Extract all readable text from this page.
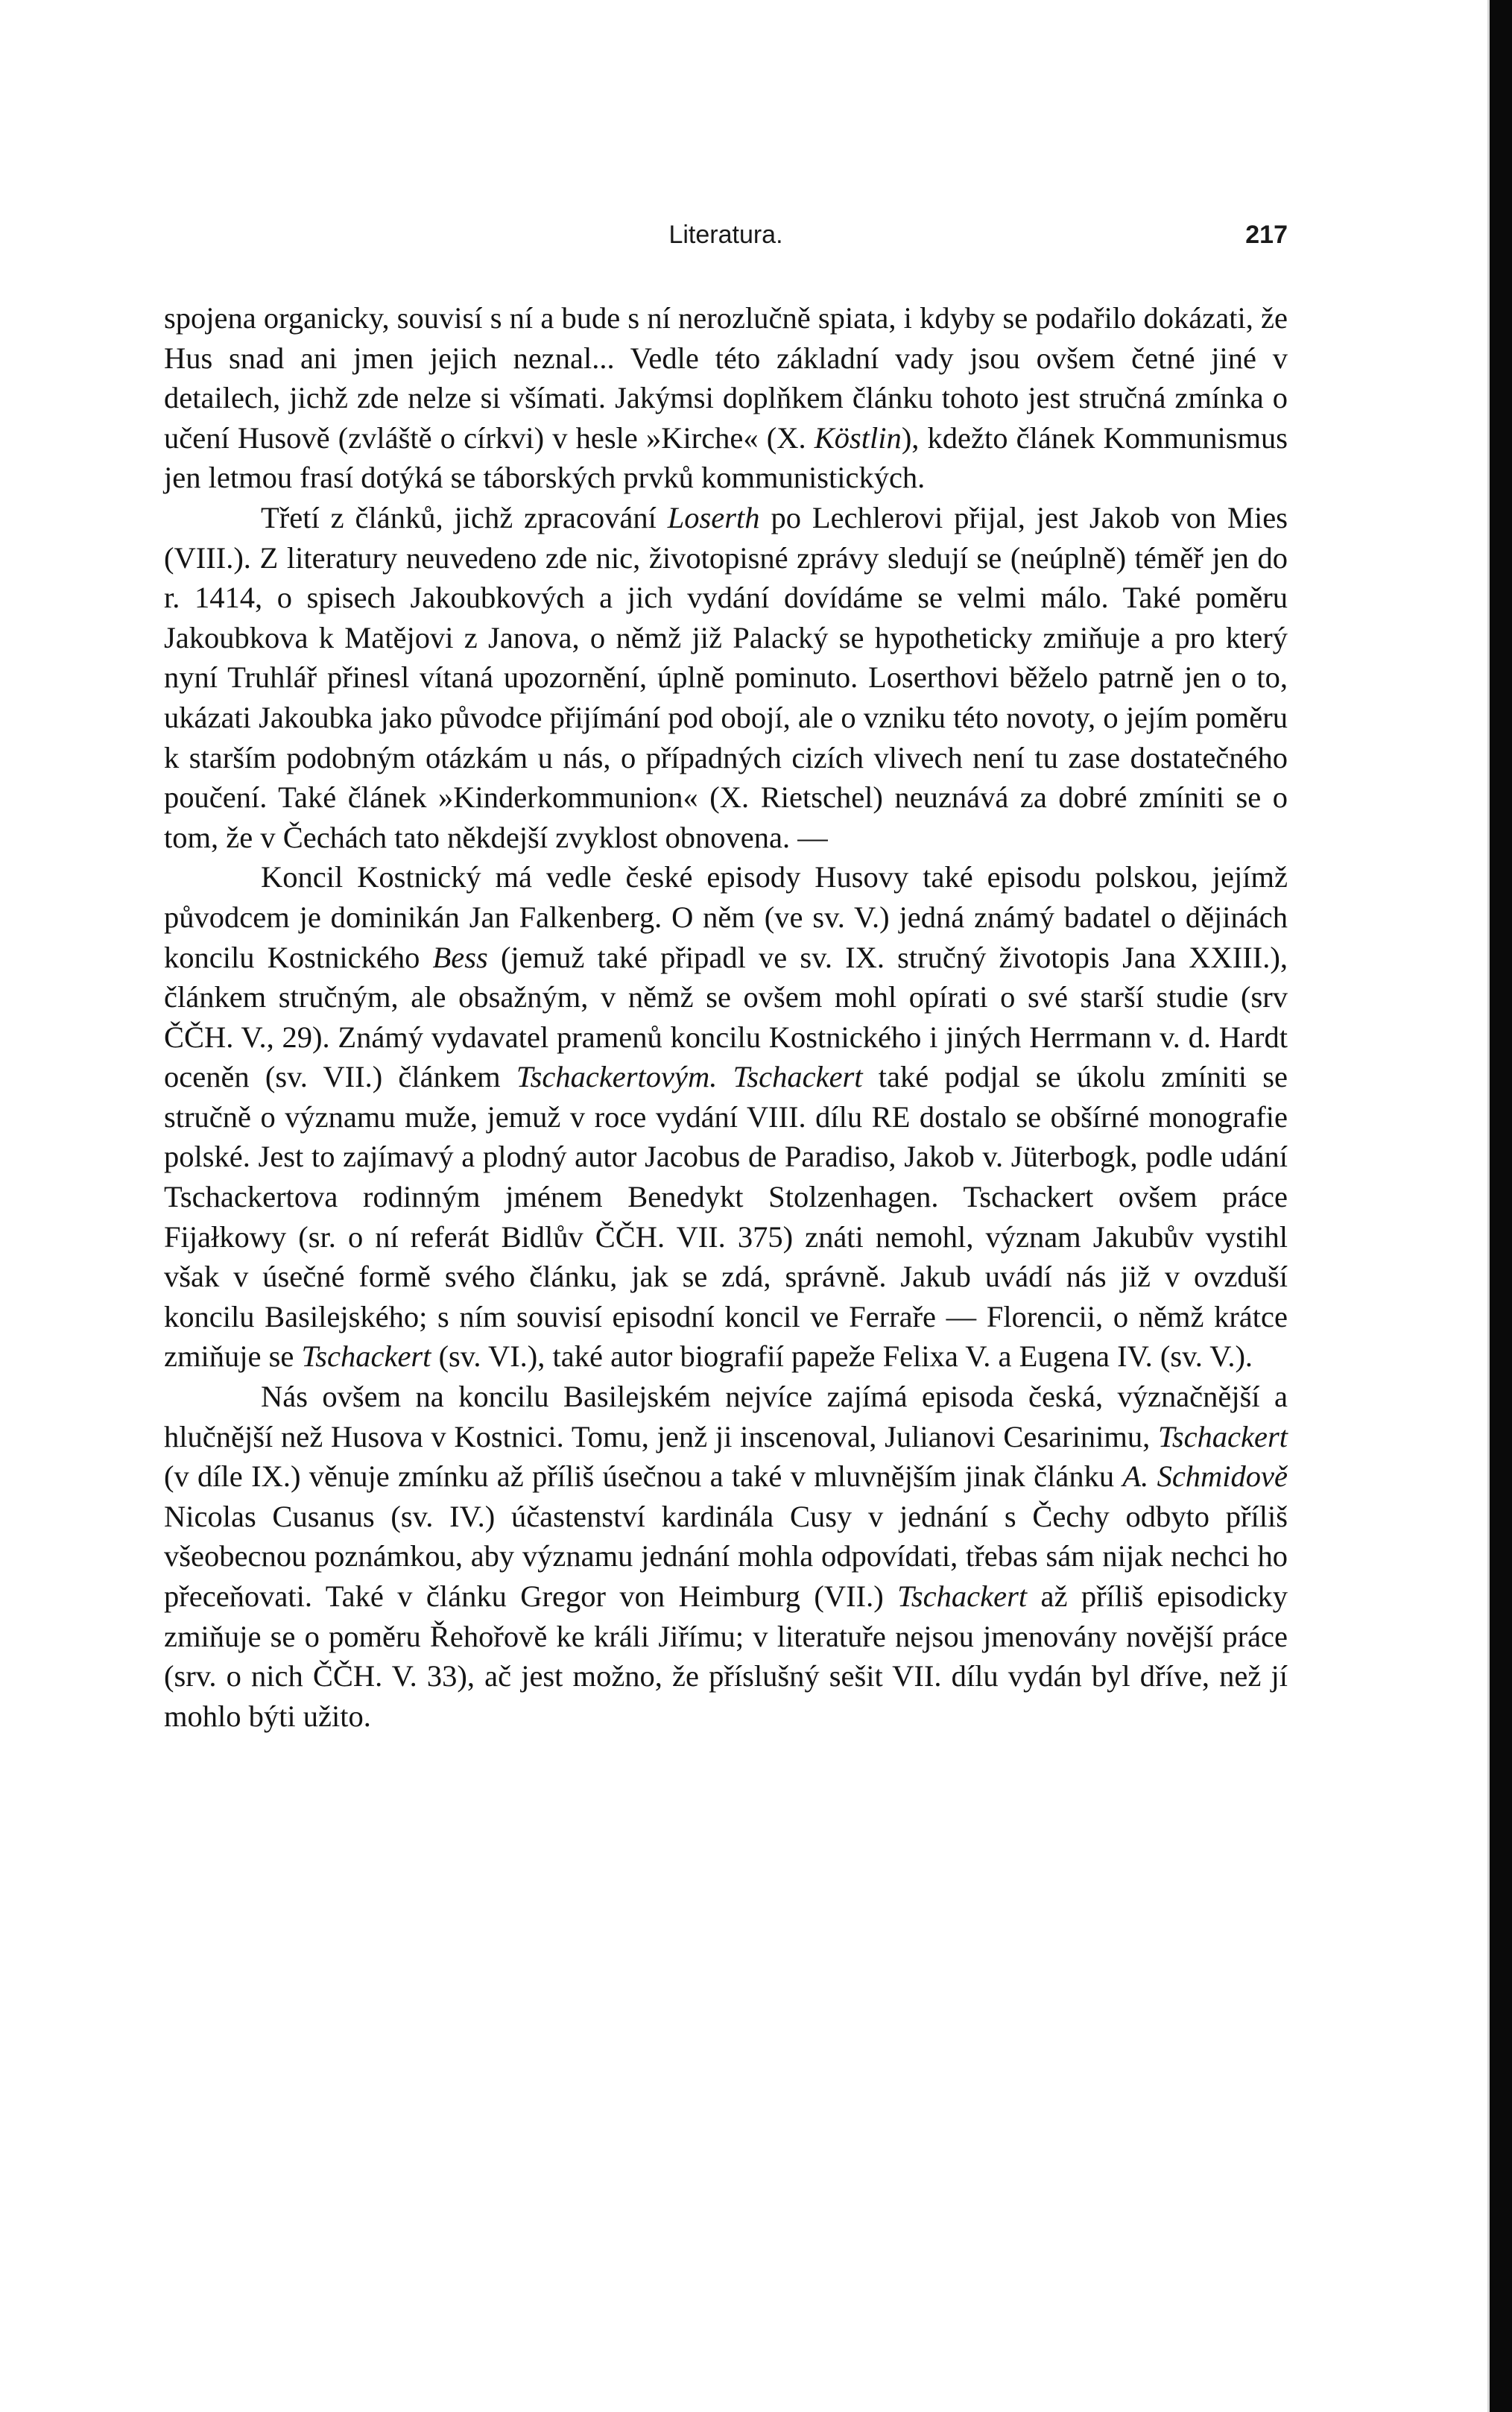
Literatura.	217

spojena organicky, souvisí s ní a bude s ní nerozlučně spiata, i kdyby se podařilo dokázati, že Hus snad ani jmen jejich neznal... Vedle této základní vady jsou ovšem četné jiné v detailech, jichž zde nelze si všímati. Jakýmsi doplňkem článku tohoto jest stručná zmínka o učení Husově (zvláště o církvi) v hesle »Kirche« (X. Köstlin), kdežto článek Kommunismus jen letmou frasí dotýká se táborských prvků kommunistických.

Třetí z článků, jichž zpracování Loserth po Lechlerovi přijal, jest Jakob von Mies (VIII.). Z literatury neuvedeno zde nic, životopisné zprávy sledují se (neúplně) téměř jen do r. 1414, o spisech Jakoubkových a jich vydání dovídáme se velmi málo. Také poměru Jakoubkova k Matějovi z Janova, o němž již Palacký se hypotheticky zmiňuje a pro který nyní Truhlář přinesl vítaná upozornění, úplně pominuto. Loserthovi běželo patrně jen o to, ukázati Jakoubka jako původce přijímání pod obojí, ale o vzniku této novoty, o jejím poměru k starším podobným otázkám u nás, o případných cizích vlivech není tu zase dostatečného poučení. Také článek »Kinderkommunion« (X. Rietschel) neuznává za dobré zmíniti se o tom, že v Čechách tato někdejší zvyklost obnovena. —

Koncil Kostnický má vedle české episody Husovy také episodu polskou, jejímž původcem je dominikán Jan Falkenberg. O něm (ve sv. V.) jedná známý badatel o dějinách koncilu Kostnického Bess (jemuž také připadl ve sv. IX. stručný životopis Jana XXIII.), článkem stručným, ale obsažným, v němž se ovšem mohl opírati o své starší studie (srv ČČH. V., 29). Známý vydavatel pramenů koncilu Kostnického i jiných Herrmann v. d. Hardt oceněn (sv. VII.) článkem Tschackertovým. Tschackert také podjal se úkolu zmíniti se stručně o významu muže, jemuž v roce vydání VIII. dílu RE dostalo se obšírné monografie polské. Jest to zajímavý a plodný autor Jacobus de Paradiso, Jakob v. Jüterbogk, podle udání Tschackertova rodinným jménem Benedykt Stolzenhagen. Tschackert ovšem práce Fijałkowy (sr. o ní referát Bidlův ČČH. VII. 375) znáti nemohl, význam Jakubův vystihl však v úsečné formě svého článku, jak se zdá, správně. Jakub uvádí nás již v ovzduší koncilu Basilejského; s ním souvisí episodní koncil ve Ferraře — Florencii, o němž krátce zmiňuje se Tschackert (sv. VI.), také autor biografií papeže Felixa V. a Eugena IV. (sv. V.).

Nás ovšem na koncilu Basilejském nejvíce zajímá episoda česká, význačnější a hlučnější než Husova v Kostnici. Tomu, jenž ji inscenoval, Julianovi Cesarinimu, Tschackert (v díle IX.) věnuje zmínku až příliš úsečnou a také v mluvnějším jinak článku A. Schmidově Nicolas Cusanus (sv. IV.) účastenství kardinála Cusy v jednání s Čechy odbyto příliš všeobecnou poznámkou, aby významu jednání mohla odpovídati, třebas sám nijak nechci ho přeceňovati. Také v článku Gregor von Heimburg (VII.) Tschackert až příliš episodicky zmiňuje se o poměru Řehořově ke králi Jiřímu; v literatuře nejsou jmenovány novější práce (srv. o nich ČČH. V. 33), ač jest možno, že příslušný sešit VII. dílu vydán byl dříve, než jí mohlo býti užito.
